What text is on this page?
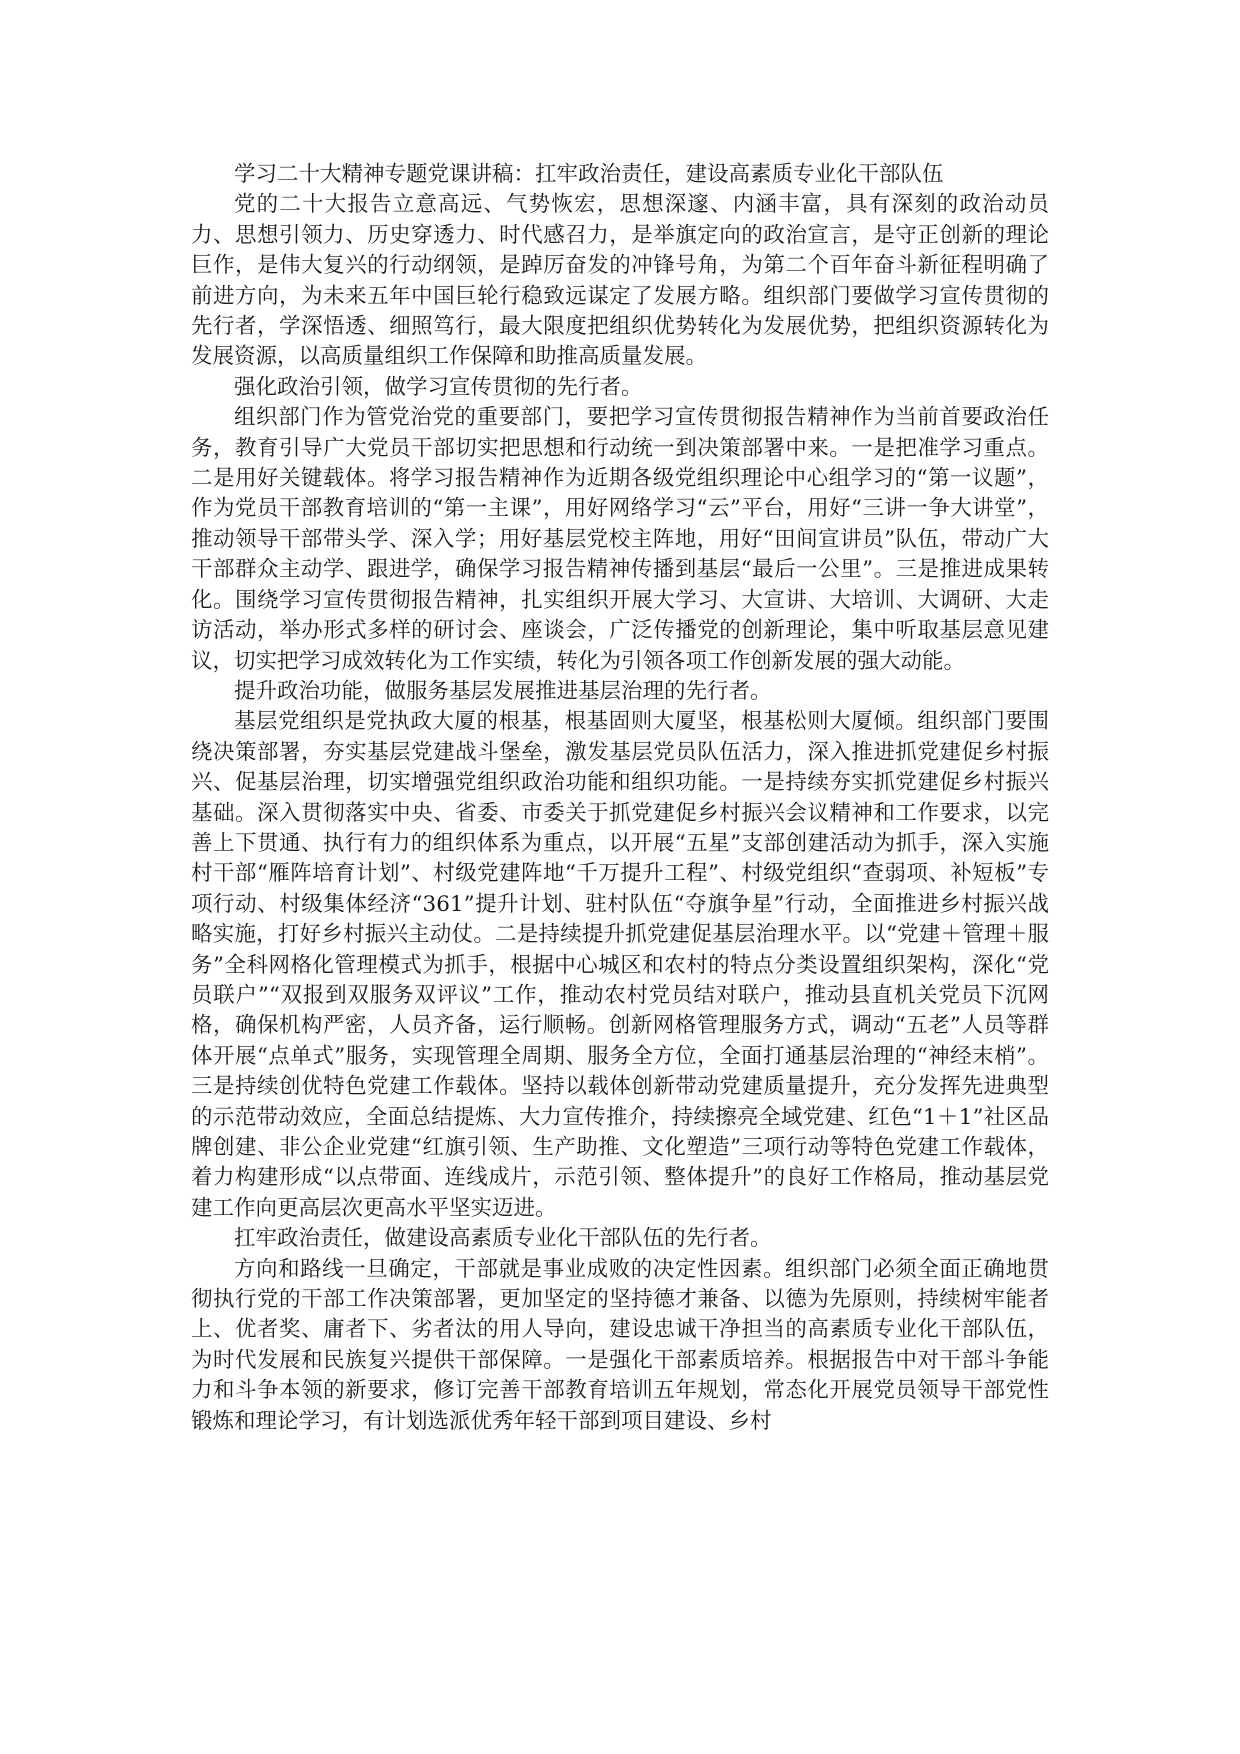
学习二十大精神专题党课讲稿：扛牢政治责任，建设高素质专业化干部队伍

党的二十大报告立意高远、气势恢宏，思想深邃、内涵丰富，具有深刻的政治动员力、思想引领力、历史穿透力、时代感召力，是举旗定向的政治宣言，是守正创新的理论巨作，是伟大复兴的行动纲领，是踔厉奋发的冲锋号角，为第二个百年奋斗新征程明确了前进方向，为未来五年中国巨轮行稳致远谋定了发展方略。组织部门要做学习宣传贯彻的先行者，学深悟透、细照笃行，最大限度把组织优势转化为发展优势，把组织资源转化为发展资源，以高质量组织工作保障和助推高质量发展。

强化政治引领，做学习宣传贯彻的先行者。

组织部门作为管党治党的重要部门，要把学习宣传贯彻报告精神作为当前首要政治任务，教育引导广大党员干部切实把思想和行动统一到决策部署中来。一是把准学习重点。二是用好关键载体。将学习报告精神作为近期各级党组织理论中心组学习的“第一议题”，作为党员干部教育培训的“第一主课”，用好网络学习“云”平台，用好“三讲一争大讲堂”，推动领导干部带头学、深入学；用好基层党校主阵地，用好“田间宣讲员”队伍，带动广大干部群众主动学、跟进学，确保学习报告精神传播到基层“最后一公里”。三是推进成果转化。围绕学习宣传贯彻报告精神，扎实组织开展大学习、大宣讲、大培训、大调研、大走访活动，举办形式多样的研讨会、座谈会，广泛传播党的创新理论，集中听取基层意见建议，切实把学习成效转化为工作实绩，转化为引领各项工作创新发展的强大动能。

提升政治功能，做服务基层发展推进基层治理的先行者。

基层党组织是党执政大厦的根基，根基固则大厦坚，根基松则大厦倾。组织部门要围绕决策部署，夯实基层党建战斗堡垒，激发基层党员队伍活力，深入推进抓党建促乡村振兴、促基层治理，切实增强党组织政治功能和组织功能。一是持续夯实抓党建促乡村振兴基础。深入贯彻落实中央、省委、市委关于抓党建促乡村振兴会议精神和工作要求，以完善上下贯通、执行有力的组织体系为重点，以开展“五星”支部创建活动为抓手，深入实施村干部“雁阵培育计划”、村级党建阵地“千万提升工程”、村级党组织“查弱项、补短板”专项行动、村级集体经济“361”提升计划、驻村队伍“夺旗争星”行动，全面推进乡村振兴战略实施，打好乡村振兴主动仗。二是持续提升抓党建促基层治理水平。以“党建＋管理＋服务”全科网格化管理模式为抓手，根据中心城区和农村的特点分类设置组织架构，深化“党员联户”“双报到双服务双评议”工作，推动农村党员结对联户，推动县直机关党员下沉网格，确保机构严密，人员齐备，运行顺畅。创新网格管理服务方式，调动“五老”人员等群体开展“点单式”服务，实现管理全周期、服务全方位，全面打通基层治理的“神经末梢”。三是持续创优特色党建工作载体。坚持以载体创新带动党建质量提升，充分发挥先进典型的示范带动效应，全面总结提炼、大力宣传推介，持续擦亮全域党建、红色“1＋1”社区品牌创建、非公企业党建“红旗引领、生产助推、文化塑造”三项行动等特色党建工作载体，着力构建形成“以点带面、连线成片，示范引领、整体提升”的良好工作格局，推动基层党建工作向更高层次更高水平坚实迈进。

扛牢政治责任，做建设高素质专业化干部队伍的先行者。

方向和路线一旦确定，干部就是事业成败的决定性因素。组织部门必须全面正确地贯彻执行党的干部工作决策部署，更加坚定的坚持德才兼备、以德为先原则，持续树牢能者上、优者奖、庸者下、劣者汰的用人导向，建设忠诚干净担当的高素质专业化干部队伍，为时代发展和民族复兴提供干部保障。一是强化干部素质培养。根据报告中对干部斗争能力和斗争本领的新要求，修订完善干部教育培训五年规划，常态化开展党员领导干部党性锻炼和理论学习，有计划选派优秀年轻干部到项目建设、乡村
